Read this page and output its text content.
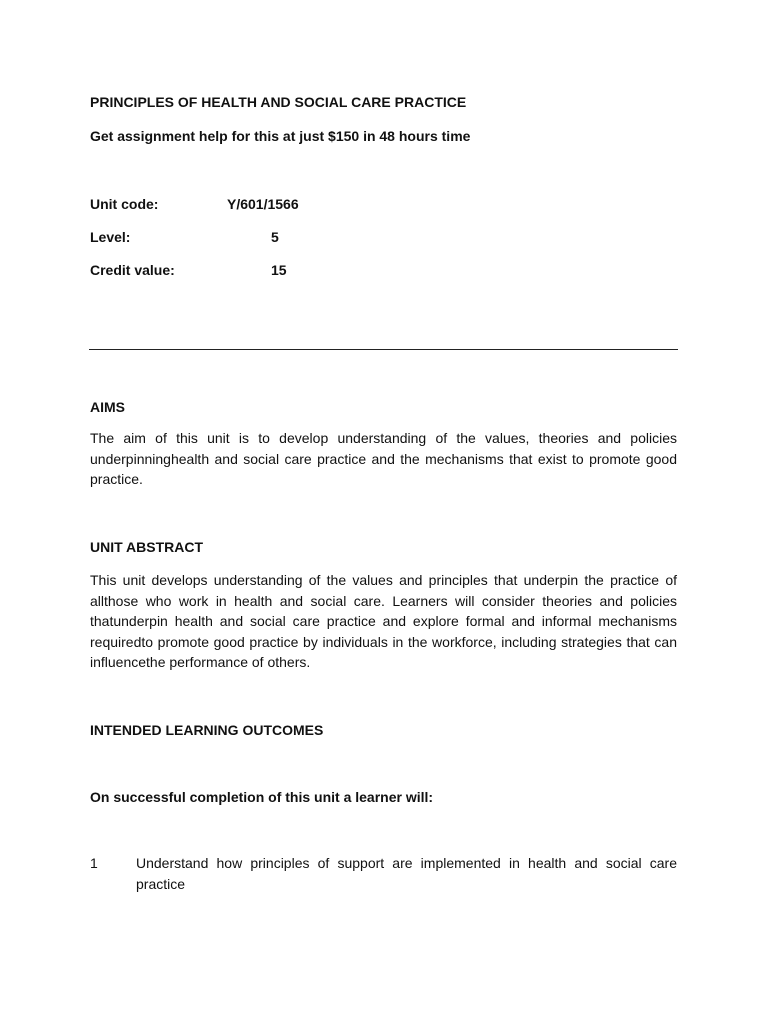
PRINCIPLES OF HEALTH AND SOCIAL CARE PRACTICE
Get assignment help for this at just $150 in 48 hours time
Unit code:	Y/601/1566
Level:	5
Credit value:	15
AIMS
The aim of this unit is to develop understanding of the values, theories and policies underpinninghealth and social care practice and the mechanisms that exist to promote good practice.
UNIT ABSTRACT
This unit develops understanding of the values and principles that underpin the practice of allthose who work in health and social care. Learners will consider theories and policies thatunderpin health and social care practice and explore formal and informal mechanisms requiredto promote good practice by individuals in the workforce, including strategies that can influencethe performance of others.
INTENDED LEARNING OUTCOMES
On successful completion of this unit a learner will:
1	Understand how principles of support are implemented in health and social care practice
